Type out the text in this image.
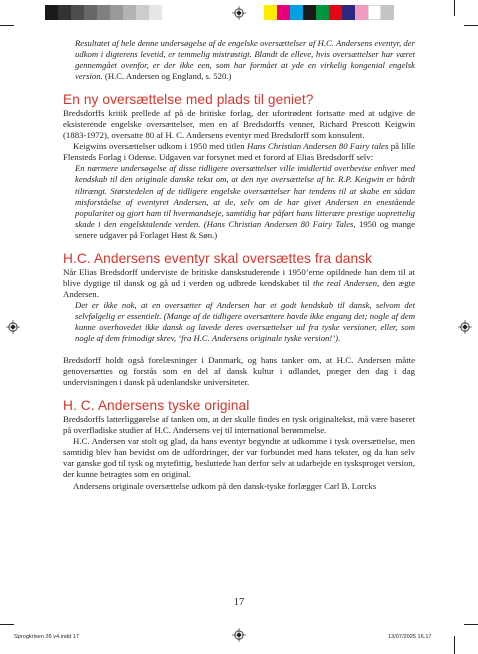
Resultatet af hele denne undersøgelse af de engelske oversættelser af H.C. Andersens eventyr, der udkom i digterens levetid, er temmelig mistrøstigt. Blandt de elleve, hvis oversættelser har været gennemgået ovenfor, er der ikke een, som har formået at yde en virkelig kongenial engelsk version. (H.C. Andersen og England, s. 520.)

En ny oversættelse med plads til geniet?

Bredsdorffs kritik prellede af på de britiske forlag, der ufortrødent fortsatte med at udgive de eksisterende engelske oversættelser, men en af Bredsdorffs venner, Richard Prescott Keigwin (1883-1972), oversatte 80 af H. C. Andersens eventyr med Bredsdorff som konsulent.

Keigwins oversættelser udkom i 1950 med titlen Hans Christian Andersen 80 Fairy tales på lille Flensteds Forlag i Odense. Udgaven var forsynet med et forord af Elias Bredsdorff selv:

En nærmere undersøgelse af disse tidligere oversættelser ville imidlertid overbevise enhver med kendskab til den originale danske tekst om, at den nye oversættelse af hr. R.P. Keigwin er hårdt tiltrængt. Størstedelen af de tidligere engelske oversættelser har tendens til at skabe en sådan misforståelse af eventyret Andersen, at de, selv om de har givet Andersen en enestående popularitet og gjort ham til hvermandseje, samtidig har påført hans litterære prestige uoprettelig skade i den engelsktalende verden. (Hans Christian Andersen 80 Fairy Tales, 1950 og mange senere udgaver på Forlaget Høst & Søn.)

H.C. Andersens eventyr skal oversættes fra dansk

Når Elias Bredsdorff underviste de britiske danskstuderende i 1950’erne opildnede han dem til at blive dygtige til dansk og gå ud i verden og udbrede kendskabet til the real Andersen, den ægte Andersen.

Det er ikke nok, at en oversætter af Andersen har et godt kendskab til dansk, selvom det selvfølgelig er essentielt. (Mange af de tidligere oversættere havde ikke engang det; nogle af dem kunne overhovedet ikke dansk og lavede deres oversættelser ud fra tyske versioner, eller, som nogle af dem frimodigt skrev, ‘fra H.C. Andersens originale tyske version!’).

Bredsdorff holdt også forelæsninger i Danmark, og hans tanker om, at H.C. Andersen måtte genoversættes og forstås som en del af dansk kultur i udlandet, præger den dag i dag undervisningen i dansk på udenlandske universiteter.

H. C. Andersens tyske original

Bredsdorffs latterliggørelse af tanken om, at der skulle findes en tysk originaltekst, må være baseret på overfladiske studier af H.C. Andersens vej til international berømmelse.

H.C. Andersen var stolt og glad, da hans eventyr begyndte at udkomme i tysk oversættelse, men samtidig blev han bevidst om de udfordringer, der var forbundet med hans tekster, og da han selv var ganske god til tysk og mytefittig, besluttede han derfor selv at udarbejde en tysksproget version, der kunne betragtes som en original.

Andersens originale oversættelse udkom på den dansk-tyske forlægger Carl B. Lorcks

17
Sprogkrisen 26 v4.indd 17	13/07/2025 16.17
